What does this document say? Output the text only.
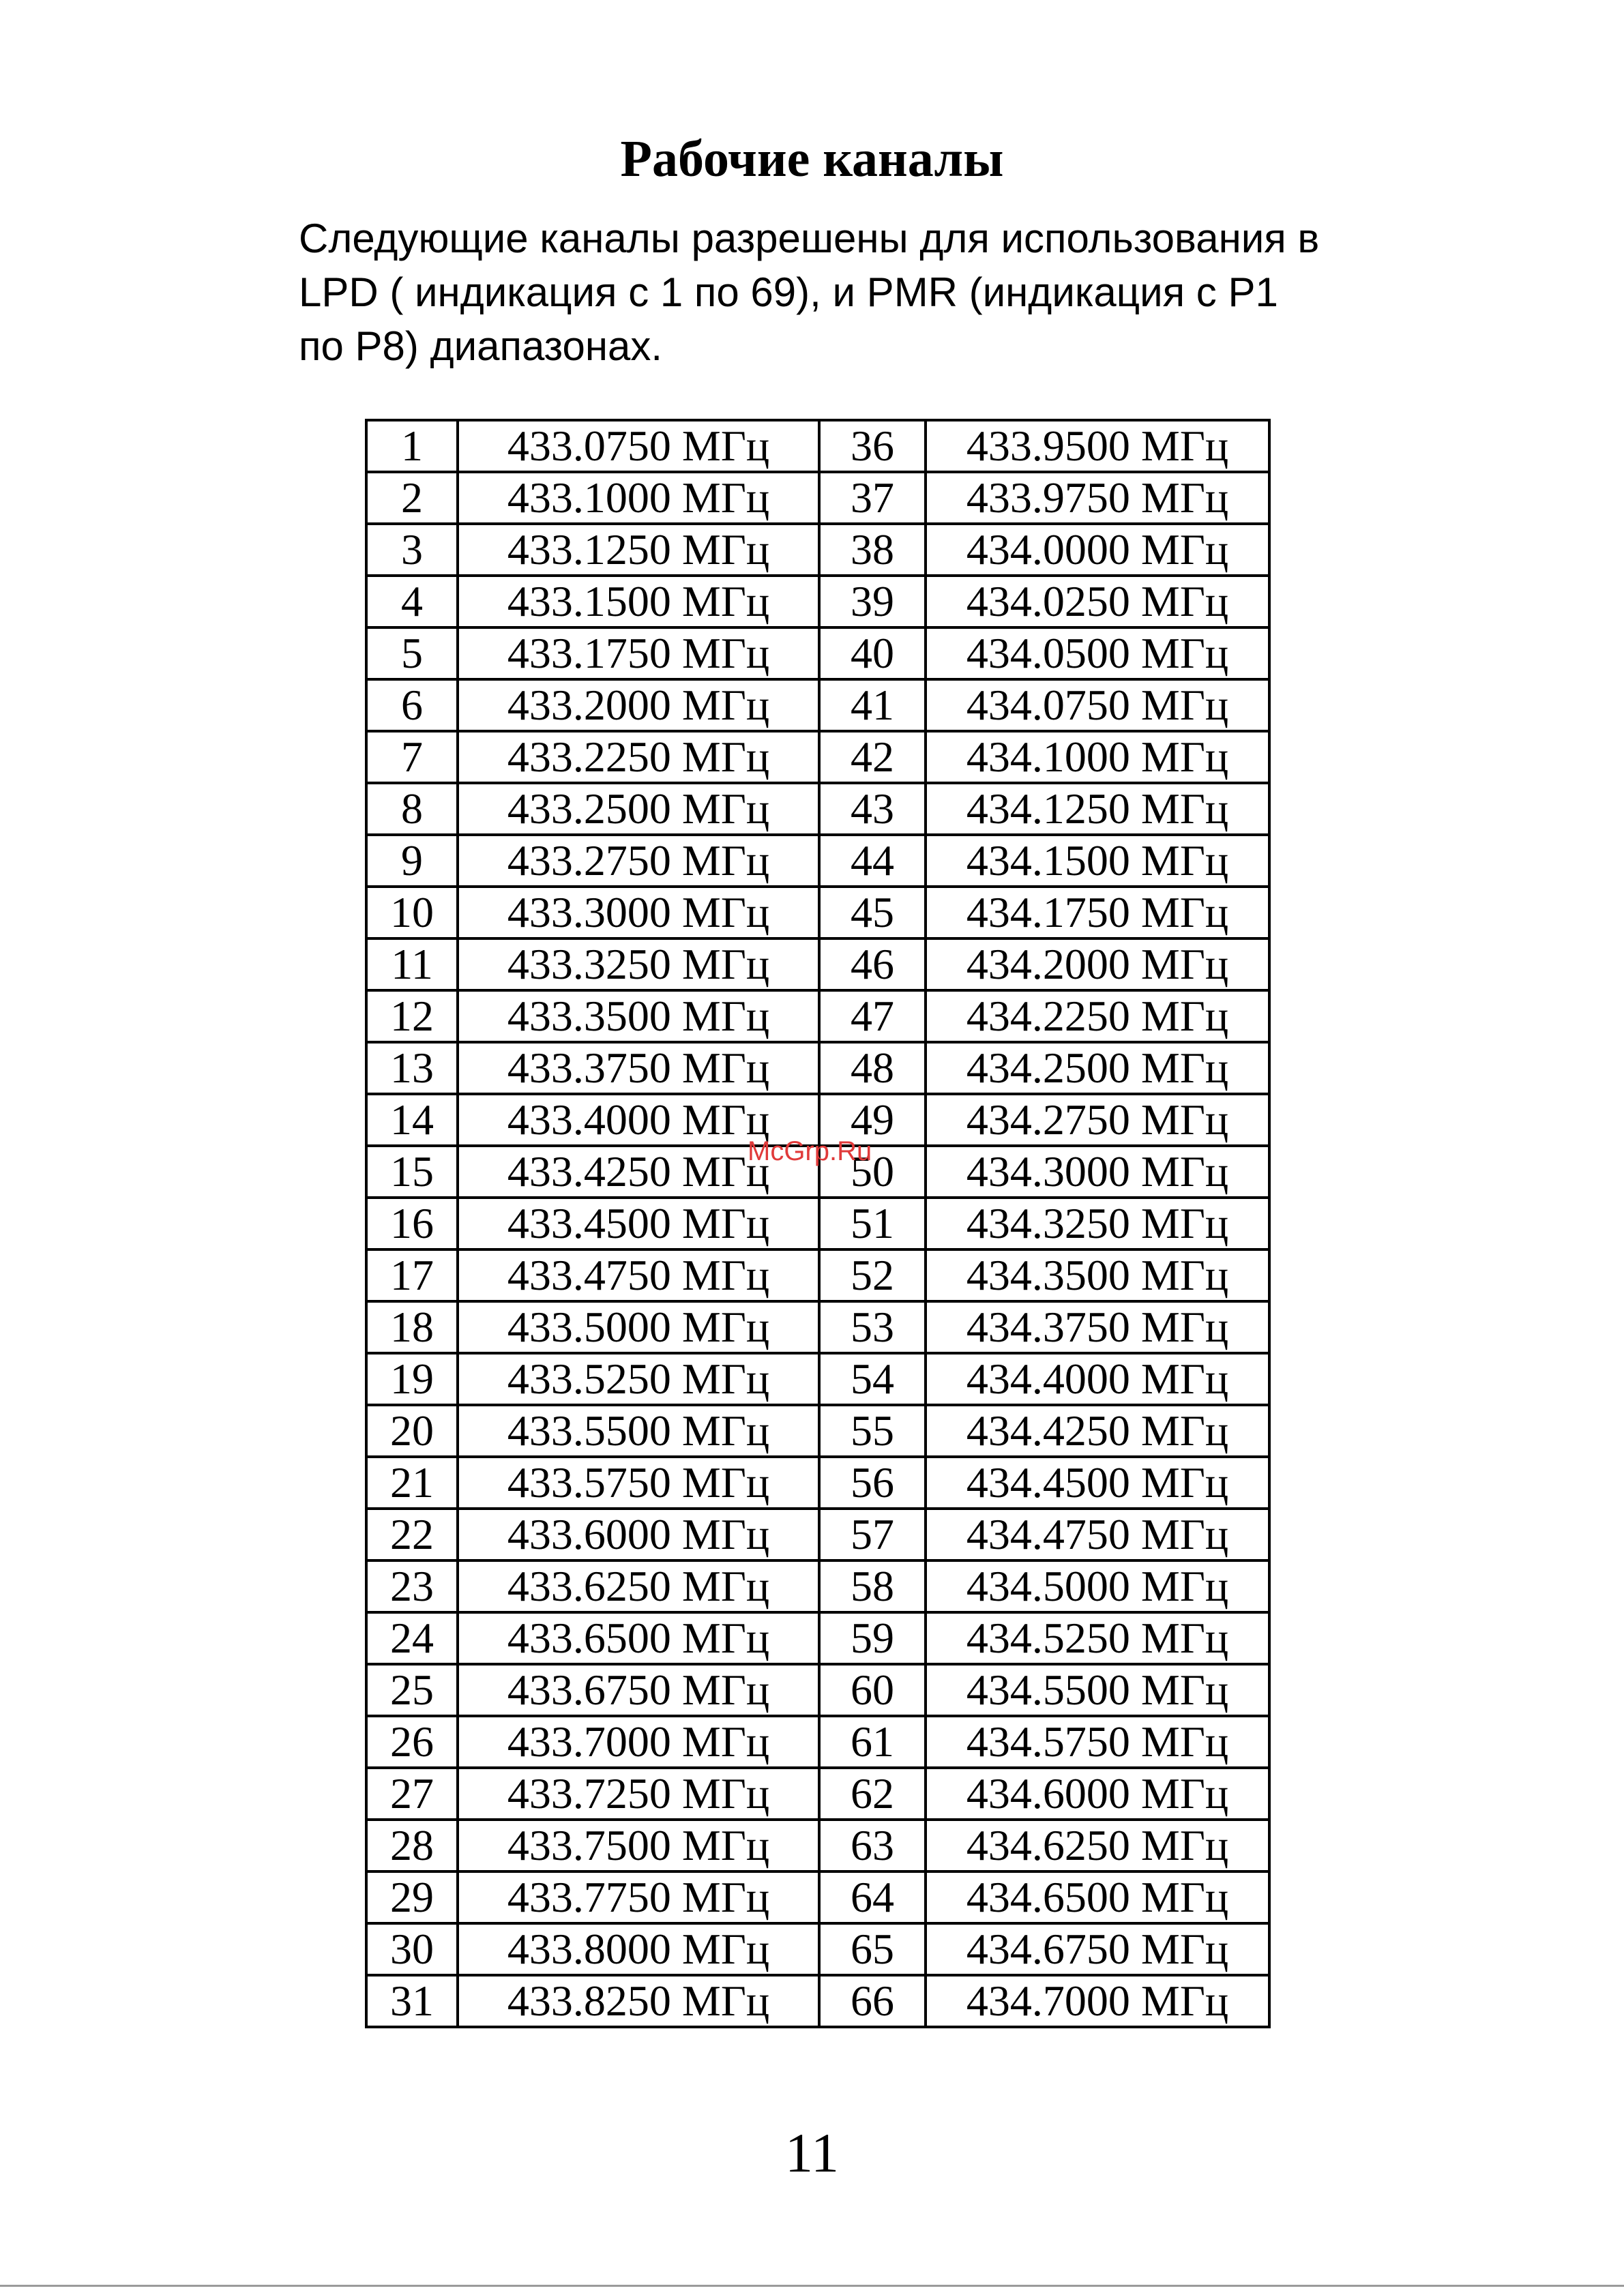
Рабочие каналы
Следующие каналы разрешены для использования в
LPD ( индикация с 1 по 69), и PMR (индикация с P1
по P8) диапазонах.
1	433.0750 МГц	36	433.9500 МГц
2	433.1000 МГц	37	433.9750 МГц
3	433.1250 МГц	38	434.0000 МГц
4	433.1500 МГц	39	434.0250 МГц
5	433.1750 МГц	40	434.0500 МГц
6	433.2000 МГц	41	434.0750 МГц
7	433.2250 МГц	42	434.1000 МГц
8	433.2500 МГц	43	434.1250 МГц
9	433.2750 МГц	44	434.1500 МГц
10	433.3000 МГц	45	434.1750 МГц
11	433.3250 МГц	46	434.2000 МГц
12	433.3500 МГц	47	434.2250 МГц
13	433.3750 МГц	48	434.2500 МГц
14	433.4000 МГц	49	434.2750 МГц
15	433.4250 МГц	50	434.3000 МГц
16	433.4500 МГц	51	434.3250 МГц
17	433.4750 МГц	52	434.3500 МГц
18	433.5000 МГц	53	434.3750 МГц
19	433.5250 МГц	54	434.4000 МГц
20	433.5500 МГц	55	434.4250 МГц
21	433.5750 МГц	56	434.4500 МГц
22	433.6000 МГц	57	434.4750 МГц
23	433.6250 МГц	58	434.5000 МГц
24	433.6500 МГц	59	434.5250 МГц
25	433.6750 МГц	60	434.5500 МГц
26	433.7000 МГц	61	434.5750 МГц
27	433.7250 МГц	62	434.6000 МГц
28	433.7500 МГц	63	434.6250 МГц
29	433.7750 МГц	64	434.6500 МГц
30	433.8000 МГц	65	434.6750 МГц
31	433.8250 МГц	66	434.7000 МГц
McGrp.Ru
11
